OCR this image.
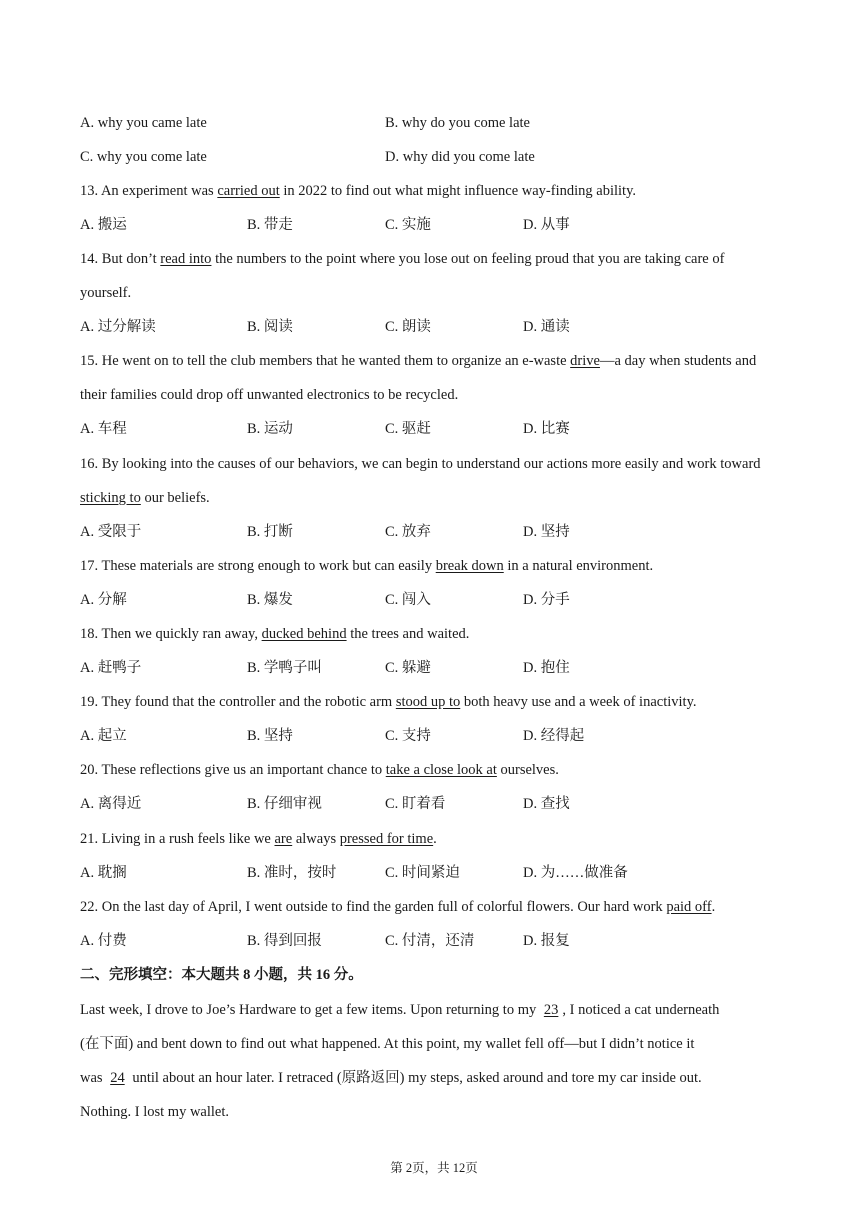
A. why you came late	B. why do you come late
C. why you come late	D. why did you come late
13. An experiment was carried out in 2022 to find out what might influence way-finding ability.
A. 搬运	B. 带走	C. 实施	D. 从事
14. But don’t read into the numbers to the point where you lose out on feeling proud that you are taking care of
yourself.
A. 过分解读	B. 阅读	C. 朗读	D. 通读
15. He went on to tell the club members that he wanted them to organize an e-waste drive—a day when students and
their families could drop off unwanted electronics to be recycled.
A. 车程	B. 运动	C. 驱赶	D. 比赛
16. By looking into the causes of our behaviors, we can begin to understand our actions more easily and work toward
sticking to our beliefs.
A. 受限于	B. 打断	C. 放弃	D. 坚持
17. These materials are strong enough to work but can easily break down in a natural environment.
A. 分解	B. 爆发	C. 闯入	D. 分手
18. Then we quickly ran away, ducked behind the trees and waited.
A. 赶鸭子	B. 学鸭子叫	C. 躲避	D. 抱住
19. They found that the controller and the robotic arm stood up to both heavy use and a week of inactivity.
A. 起立	B. 坚持	C. 支持	D. 经得起
20. These reflections give us an important chance to take a close look at ourselves.
A. 离得近	B. 仔细审视	C. 盯着看	D. 查找
21. Living in a rush feels like we are always pressed for time.
A. 耽搁	B. 准时，按时	C. 时间紧迫	D. 为……做准备
22. On the last day of April, I went outside to find the garden full of colorful flowers. Our hard work paid off.
A. 付费	B. 得到回报	C. 付清，还清	D. 报复
二、完形填空：本大题共 8 小题，共 16 分。
Last week, I drove to Joe’s Hardware to get a few items. Upon returning to my 23 , I noticed a cat underneath
(在下面) and bent down to find out what happened. At this point, my wallet fell off—but I didn’t notice it
was 24 until about an hour later. I retraced (原路返回) my steps, asked around and tore my car inside out.
Nothing. I lost my wallet.
第 2页，共 12页
